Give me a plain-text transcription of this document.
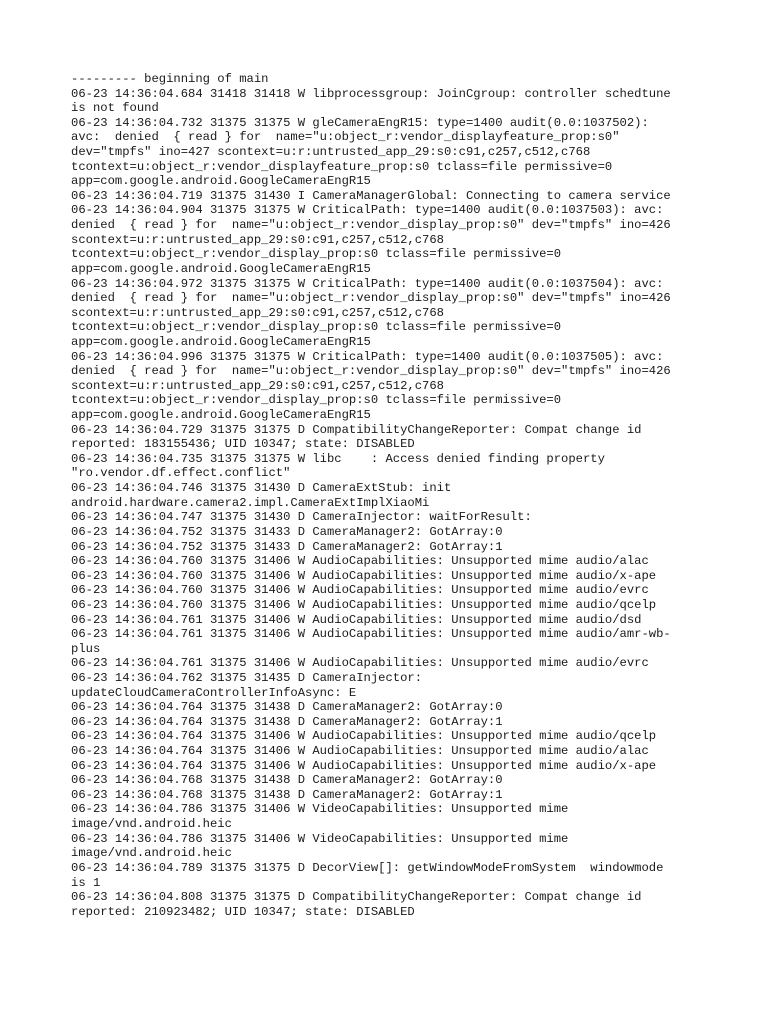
--------- beginning of main
06-23 14:36:04.684 31418 31418 W libprocessgroup: JoinCgroup: controller schedtune
is not found
06-23 14:36:04.732 31375 31375 W gleCameraEngR15: type=1400 audit(0.0:1037502):
avc:  denied  { read } for  name="u:object_r:vendor_displayfeature_prop:s0"
dev="tmpfs" ino=427 scontext=u:r:untrusted_app_29:s0:c91,c257,c512,c768
tcontext=u:object_r:vendor_displayfeature_prop:s0 tclass=file permissive=0
app=com.google.android.GoogleCameraEngR15
06-23 14:36:04.719 31375 31430 I CameraManagerGlobal: Connecting to camera service
06-23 14:36:04.904 31375 31375 W CriticalPath: type=1400 audit(0.0:1037503): avc:
denied  { read } for  name="u:object_r:vendor_display_prop:s0" dev="tmpfs" ino=426
scontext=u:r:untrusted_app_29:s0:c91,c257,c512,c768
tcontext=u:object_r:vendor_display_prop:s0 tclass=file permissive=0
app=com.google.android.GoogleCameraEngR15
06-23 14:36:04.972 31375 31375 W CriticalPath: type=1400 audit(0.0:1037504): avc:
denied  { read } for  name="u:object_r:vendor_display_prop:s0" dev="tmpfs" ino=426
scontext=u:r:untrusted_app_29:s0:c91,c257,c512,c768
tcontext=u:object_r:vendor_display_prop:s0 tclass=file permissive=0
app=com.google.android.GoogleCameraEngR15
06-23 14:36:04.996 31375 31375 W CriticalPath: type=1400 audit(0.0:1037505): avc:
denied  { read } for  name="u:object_r:vendor_display_prop:s0" dev="tmpfs" ino=426
scontext=u:r:untrusted_app_29:s0:c91,c257,c512,c768
tcontext=u:object_r:vendor_display_prop:s0 tclass=file permissive=0
app=com.google.android.GoogleCameraEngR15
06-23 14:36:04.729 31375 31375 D CompatibilityChangeReporter: Compat change id
reported: 183155436; UID 10347; state: DISABLED
06-23 14:36:04.735 31375 31375 W libc    : Access denied finding property
"ro.vendor.df.effect.conflict"
06-23 14:36:04.746 31375 31430 D CameraExtStub: init
android.hardware.camera2.impl.CameraExtImplXiaoMi
06-23 14:36:04.747 31375 31430 D CameraInjector: waitForResult:
06-23 14:36:04.752 31375 31433 D CameraManager2: GotArray:0
06-23 14:36:04.752 31375 31433 D CameraManager2: GotArray:1
06-23 14:36:04.760 31375 31406 W AudioCapabilities: Unsupported mime audio/alac
06-23 14:36:04.760 31375 31406 W AudioCapabilities: Unsupported mime audio/x-ape
06-23 14:36:04.760 31375 31406 W AudioCapabilities: Unsupported mime audio/evrc
06-23 14:36:04.760 31375 31406 W AudioCapabilities: Unsupported mime audio/qcelp
06-23 14:36:04.761 31375 31406 W AudioCapabilities: Unsupported mime audio/dsd
06-23 14:36:04.761 31375 31406 W AudioCapabilities: Unsupported mime audio/amr-wb-
plus
06-23 14:36:04.761 31375 31406 W AudioCapabilities: Unsupported mime audio/evrc
06-23 14:36:04.762 31375 31435 D CameraInjector:
updateCloudCameraControllerInfoAsync: E
06-23 14:36:04.764 31375 31438 D CameraManager2: GotArray:0
06-23 14:36:04.764 31375 31438 D CameraManager2: GotArray:1
06-23 14:36:04.764 31375 31406 W AudioCapabilities: Unsupported mime audio/qcelp
06-23 14:36:04.764 31375 31406 W AudioCapabilities: Unsupported mime audio/alac
06-23 14:36:04.764 31375 31406 W AudioCapabilities: Unsupported mime audio/x-ape
06-23 14:36:04.768 31375 31438 D CameraManager2: GotArray:0
06-23 14:36:04.768 31375 31438 D CameraManager2: GotArray:1
06-23 14:36:04.786 31375 31406 W VideoCapabilities: Unsupported mime
image/vnd.android.heic
06-23 14:36:04.786 31375 31406 W VideoCapabilities: Unsupported mime
image/vnd.android.heic
06-23 14:36:04.789 31375 31375 D DecorView[]: getWindowModeFromSystem  windowmode
is 1
06-23 14:36:04.808 31375 31375 D CompatibilityChangeReporter: Compat change id
reported: 210923482; UID 10347; state: DISABLED
